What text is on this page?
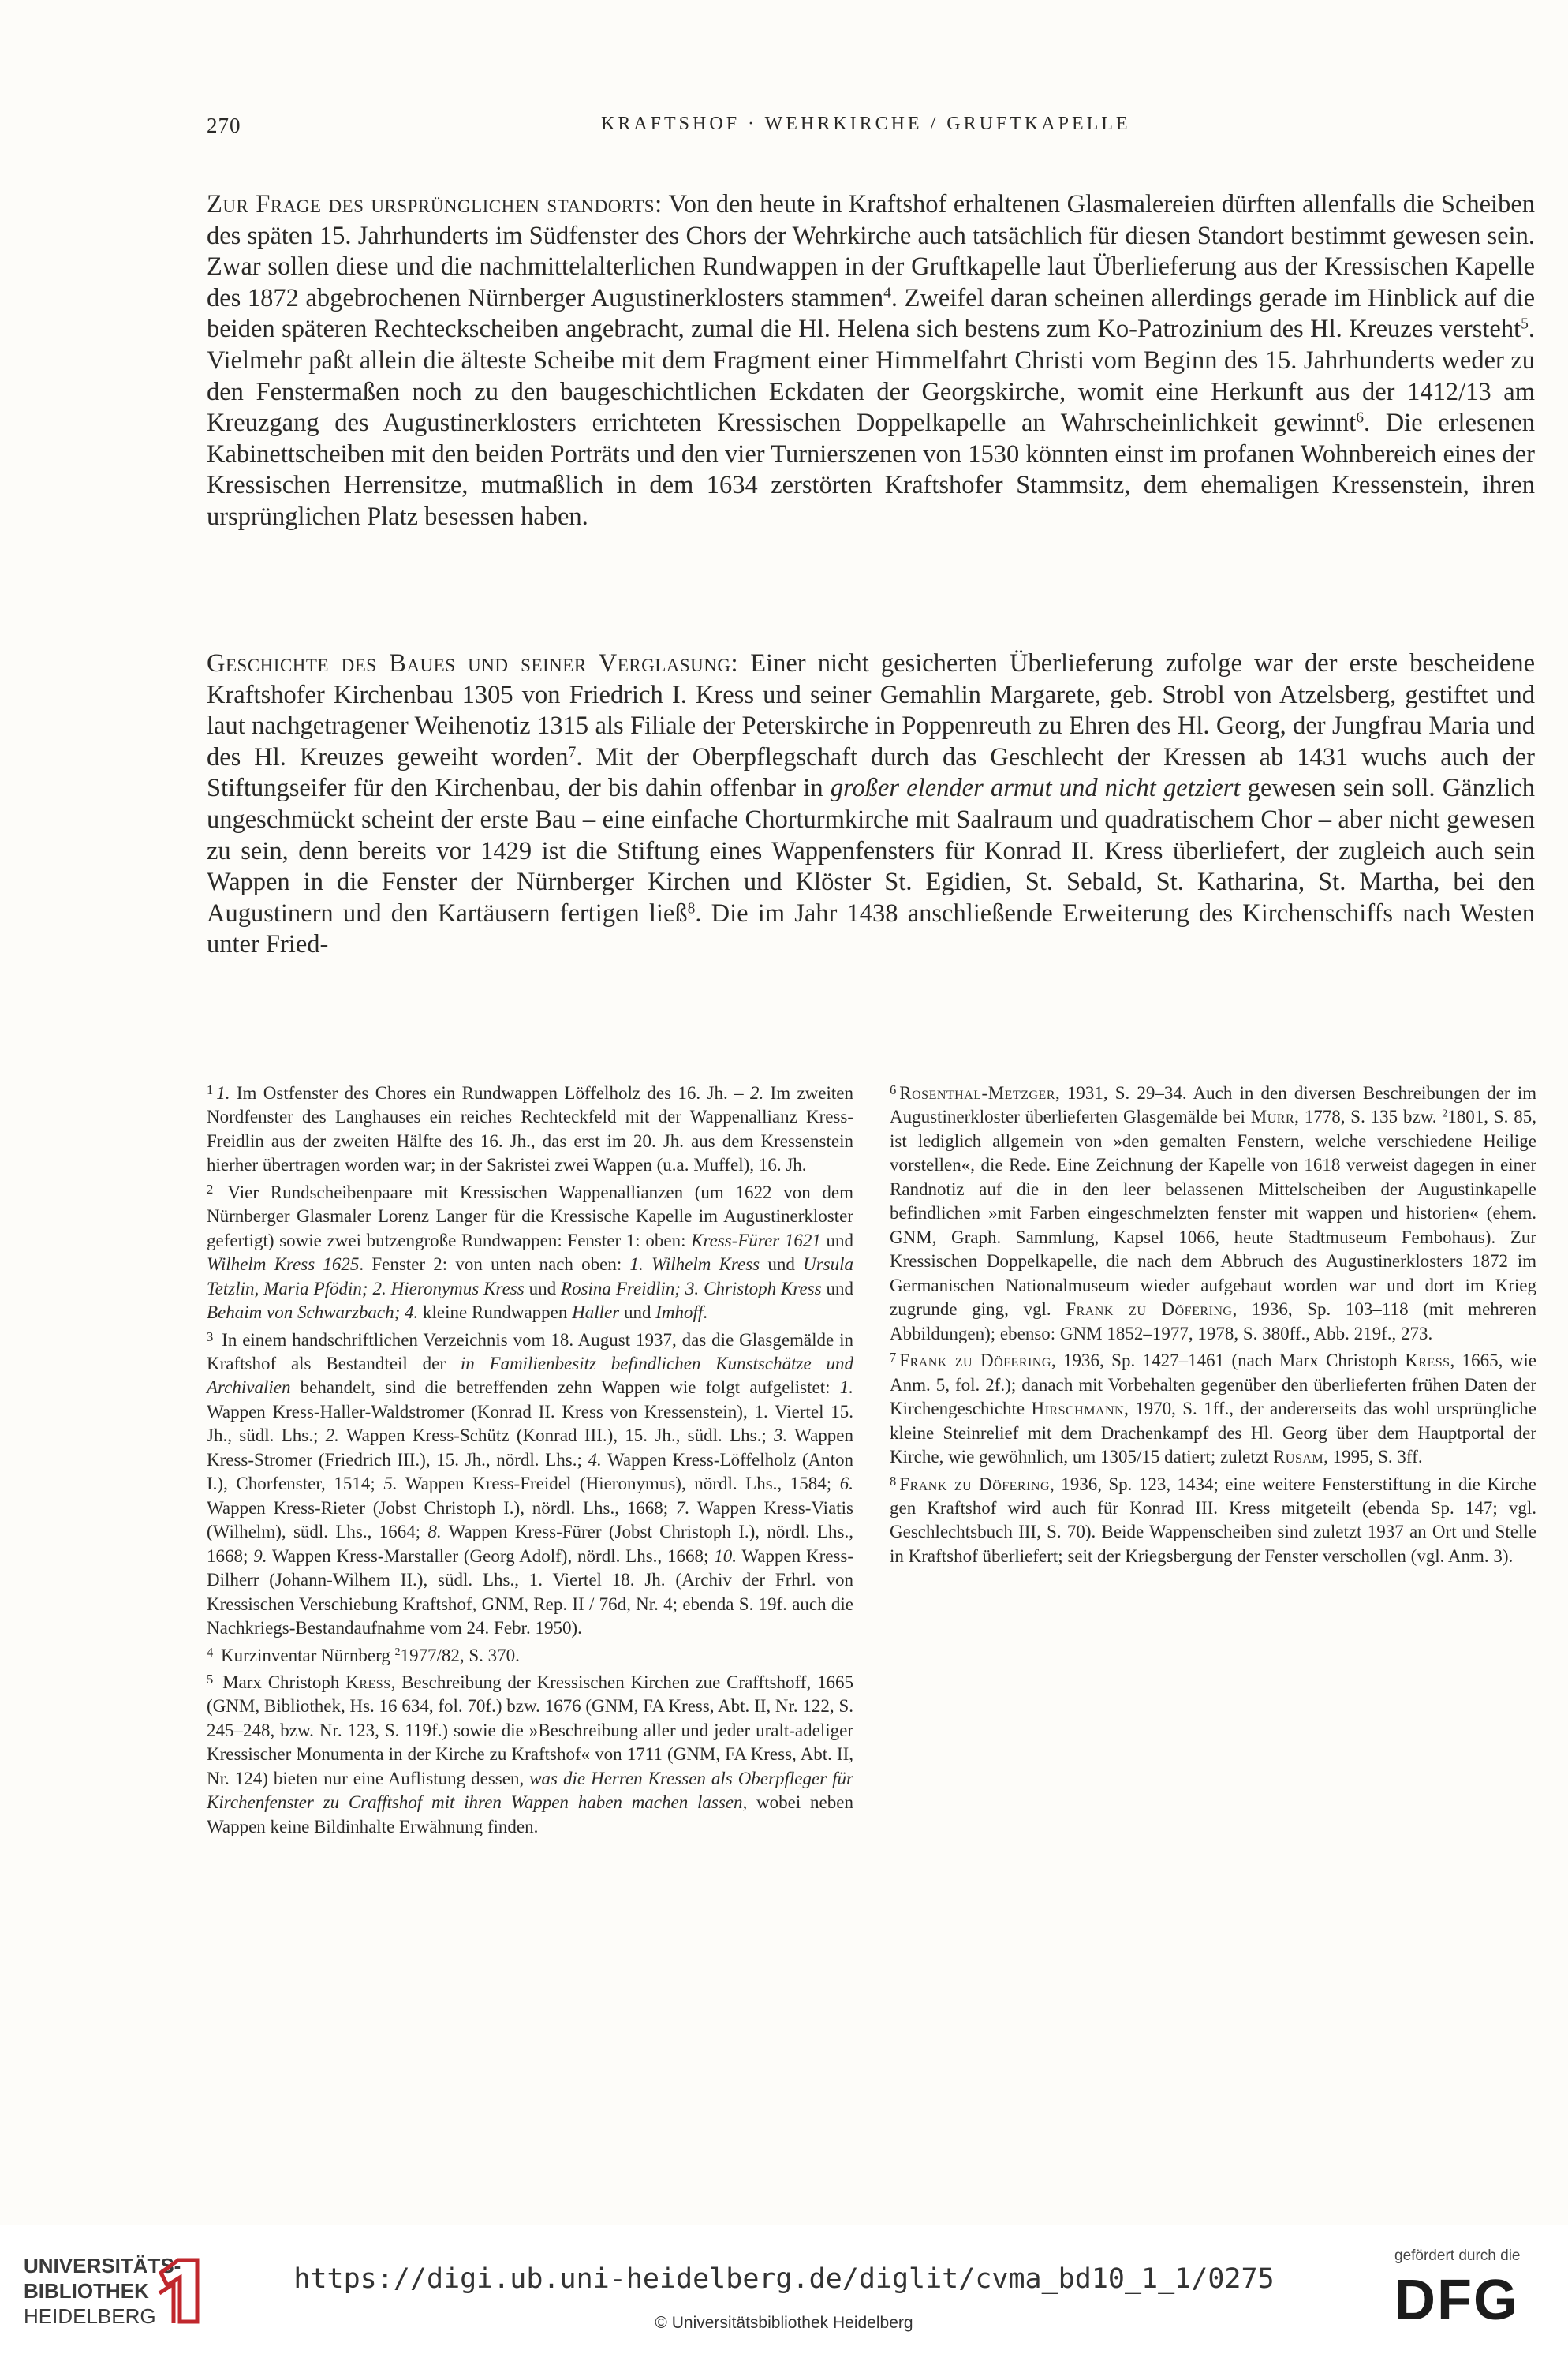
270	KRAFTSHOF · WEHRKIRCHE / GRUFTKAPELLE
Zur Frage des ursprünglichen standorts: Von den heute in Kraftshof erhaltenen Glasmalereien dürften allenfalls die Scheiben des späten 15. Jahrhunderts im Südfenster des Chors der Wehrkirche auch tatsächlich für diesen Standort bestimmt gewesen sein. Zwar sollen diese und die nachmittelalterlichen Rundwappen in der Gruftkapelle laut Überlieferung aus der Kressischen Kapelle des 1872 abgebrochenen Nürnberger Augustinerklosters stammen$^4$. Zweifel daran scheinen allerdings gerade im Hinblick auf die beiden späteren Rechteckscheiben angebracht, zumal die Hl. Helena sich bestens zum Ko-Patrozinium des Hl. Kreuzes versteht$^5$. Vielmehr paßt allein die älteste Scheibe mit dem Fragment einer Himmelfahrt Christi vom Beginn des 15. Jahrhunderts weder zu den Fenstermaßen noch zu den baugeschichtlichen Eckdaten der Georgskirche, womit eine Herkunft aus der 1412/13 am Kreuzgang des Augustinerklosters errichteten Kressischen Doppelkapelle an Wahrscheinlichkeit gewinnt$^6$. Die erlesenen Kabinettscheiben mit den beiden Porträts und den vier Turnierszenen von 1530 könnten einst im profanen Wohnbereich eines der Kressischen Herrensitze, mutmaßlich in dem 1634 zerstörten Kraftshofer Stammsitz, dem ehemaligen Kressenstein, ihren ursprünglichen Platz besessen haben.
Geschichte des Baues und seiner Verglasung: Einer nicht gesicherten Überlieferung zufolge war der erste bescheidene Kraftshofer Kirchenbau 1305 von Friedrich I. Kress und seiner Gemahlin Margarete, geb. Strobl von Atzelsberg, gestiftet und laut nachgetragener Weihenotiz 1315 als Filiale der Peterskirche in Poppenreuth zu Ehren des Hl. Georg, der Jungfrau Maria und des Hl. Kreuzes geweiht worden$^7$. Mit der Oberpflegschaft durch das Geschlecht der Kressen ab 1431 wuchs auch der Stiftungseifer für den Kirchenbau, der bis dahin offenbar in großer elender armut und nicht getziert gewesen sein soll. Gänzlich ungeschmückt scheint der erste Bau – eine einfache Chorturmkirche mit Saalraum und quadratischem Chor – aber nicht gewesen zu sein, denn bereits vor 1429 ist die Stiftung eines Wappenfensters für Konrad II. Kress überliefert, der zugleich auch sein Wappen in die Fenster der Nürnberger Kirchen und Klöster St. Egidien, St. Sebald, St. Katharina, St. Martha, bei den Augustinern und den Kartäusern fertigen ließ$^8$. Die im Jahr 1438 anschließende Erweiterung des Kirchenschiffs nach Westen unter Fried-

$^1$ 1. Im Ostfenster des Chores ein Rundwappen Löffelholz des 16. Jh. – 2. Im zweiten Nordfenster des Langhauses ein reiches Rechteckfeld mit der Wappenallianz Kress-Freidlin aus der zweiten Hälfte des 16. Jh., das erst im 20. Jh. aus dem Kressenstein hierher übertragen worden war; in der Sakristei zwei Wappen (u.a. Muffel), 16. Jh.

$^2$ Vier Rundscheibenpaare mit Kressischen Wappenallianzen (um 1622 von dem Nürnberger Glasmaler Lorenz Langer für die Kressische Kapelle im Augustinerkloster gefertigt) sowie zwei butzengroße Rundwappen: Fenster 1: oben: Kress-Fürer 1621 und Wilhelm Kress 1625. Fenster 2: von unten nach oben: 1. Wilhelm Kress und Ursula Tetzlin, Maria Pfödin; 2. Hieronymus Kress und Rosina Freidlin; 3. Christoph Kress und Behaim von Schwarzbach; 4. kleine Rundwappen Haller und Imhoff.

$^3$ In einem handschriftlichen Verzeichnis vom 18. August 1937, das die Glasgemälde in Kraftshof als Bestandteil der in Familienbesitz befindlichen Kunstschätze und Archivalien behandelt, sind die betreffenden zehn Wappen wie folgt aufgelistet: 1. Wappen Kress-Haller-Waldstromer (Konrad II. Kress von Kressenstein), 1. Viertel 15. Jh., südl. Lhs.; 2. Wappen Kress-Schütz (Konrad III.), 15. Jh., südl. Lhs.; 3. Wappen Kress-Stromer (Friedrich III.), 15. Jh., nördl. Lhs.; 4. Wappen Kress-Löffelholz (Anton I.), Chorfenster, 1514; 5. Wappen Kress-Freidel (Hieronymus), nördl. Lhs., 1584; 6. Wappen Kress-Rieter (Jobst Christoph I.), nördl. Lhs., 1668; 7. Wappen Kress-Viatis (Wilhelm), südl. Lhs., 1664; 8. Wappen Kress-Fürer (Jobst Christoph I.), nördl. Lhs., 1668; 9. Wappen Kress-Marstaller (Georg Adolf), nördl. Lhs., 1668; 10. Wappen Kress-Dilherr (Johann-Wilhem II.), südl. Lhs., 1. Viertel 18. Jh. (Archiv der Frhrl. von Kressischen Verschiebung Kraftshof, GNM, Rep. II / 76d, Nr. 4; ebenda S. 19f. auch die Nachkriegs-Bestandaufnahme vom 24. Febr. 1950).

$^4$ Kurzinventar Nürnberg $^2$1977/82, S. 370.

$^5$ Marx Christoph Kress, Beschreibung der Kressischen Kirchen zue Crafftshoff, 1665 (GNM, Bibliothek, Hs. 16 634, fol. 70f.) bzw. 1676 (GNM, FA Kress, Abt. II, Nr. 122, S. 245–248, bzw. Nr. 123, S. 119f.) sowie die »Beschreibung aller und jeder uralt-adeliger Kressischer Monumenta in der Kirche zu Kraftshof« von 1711 (GNM, FA Kress, Abt. II, Nr. 124) bieten nur eine Auflistung dessen, was die Herren Kressen als Oberpfleger für Kirchenfenster zu Crafftshof mit ihren Wappen haben machen lassen, wobei neben Wappen keine Bildinhalte Erwähnung finden.

$^6$ Rosenthal-Metzger, 1931, S. 29–34. Auch in den diversen Beschreibungen der im Augustinerkloster überlieferten Glasgemälde bei Murr, 1778, S. 135 bzw. $^2$1801, S. 85, ist lediglich allgemein von »den gemalten Fenstern, welche verschiedene Heilige vorstellen«, die Rede. Eine Zeichnung der Kapelle von 1618 verweist dagegen in einer Randnotiz auf die in den leer belassenen Mittelscheiben der Augustinkapelle befindlichen »mit Farben eingeschmelzten fenster mit wappen und historien« (ehem. GNM, Graph. Sammlung, Kapsel 1066, heute Stadtmuseum Fembohaus). Zur Kressischen Doppelkapelle, die nach dem Abbruch des Augustinerklosters 1872 im Germanischen Nationalmuseum wieder aufgebaut worden war und dort im Krieg zugrunde ging, vgl. Frank zu Döfering, 1936, Sp. 103–118 (mit mehreren Abbildungen); ebenso: GNM 1852–1977, 1978, S. 380ff., Abb. 219f., 273.

$^7$ Frank zu Döfering, 1936, Sp. 1427–1461 (nach Marx Christoph Kress, 1665, wie Anm. 5, fol. 2f.); danach mit Vorbehalten gegenüber den überlieferten frühen Daten der Kirchengeschichte Hirschmann, 1970, S. 1ff., der andererseits das wohl ursprüngliche kleine Steinrelief mit dem Drachenkampf des Hl. Georg über dem Hauptportal der Kirche, wie gewöhnlich, um 1305/15 datiert; zuletzt Rusam, 1995, S. 3ff.

$^8$ Frank zu Döfering, 1936, Sp. 123, 1434; eine weitere Fensterstiftung in die Kirche gen Kraftshof wird auch für Konrad III. Kress mitgeteilt (ebenda Sp. 147; vgl. Geschlechtsbuch III, S. 70). Beide Wappenscheiben sind zuletzt 1937 an Ort und Stelle in Kraftshof überliefert; seit der Kriegsbergung der Fenster verschollen (vgl. Anm. 3).

UNIVERSITÄTS-
BIBLIOTHEK
HEIDELBERG
https://digi.ub.uni-heidelberg.de/diglit/cvma_bd10_1_1/0275
© Universitätsbibliothek Heidelberg
gefördert durch die
DFG
